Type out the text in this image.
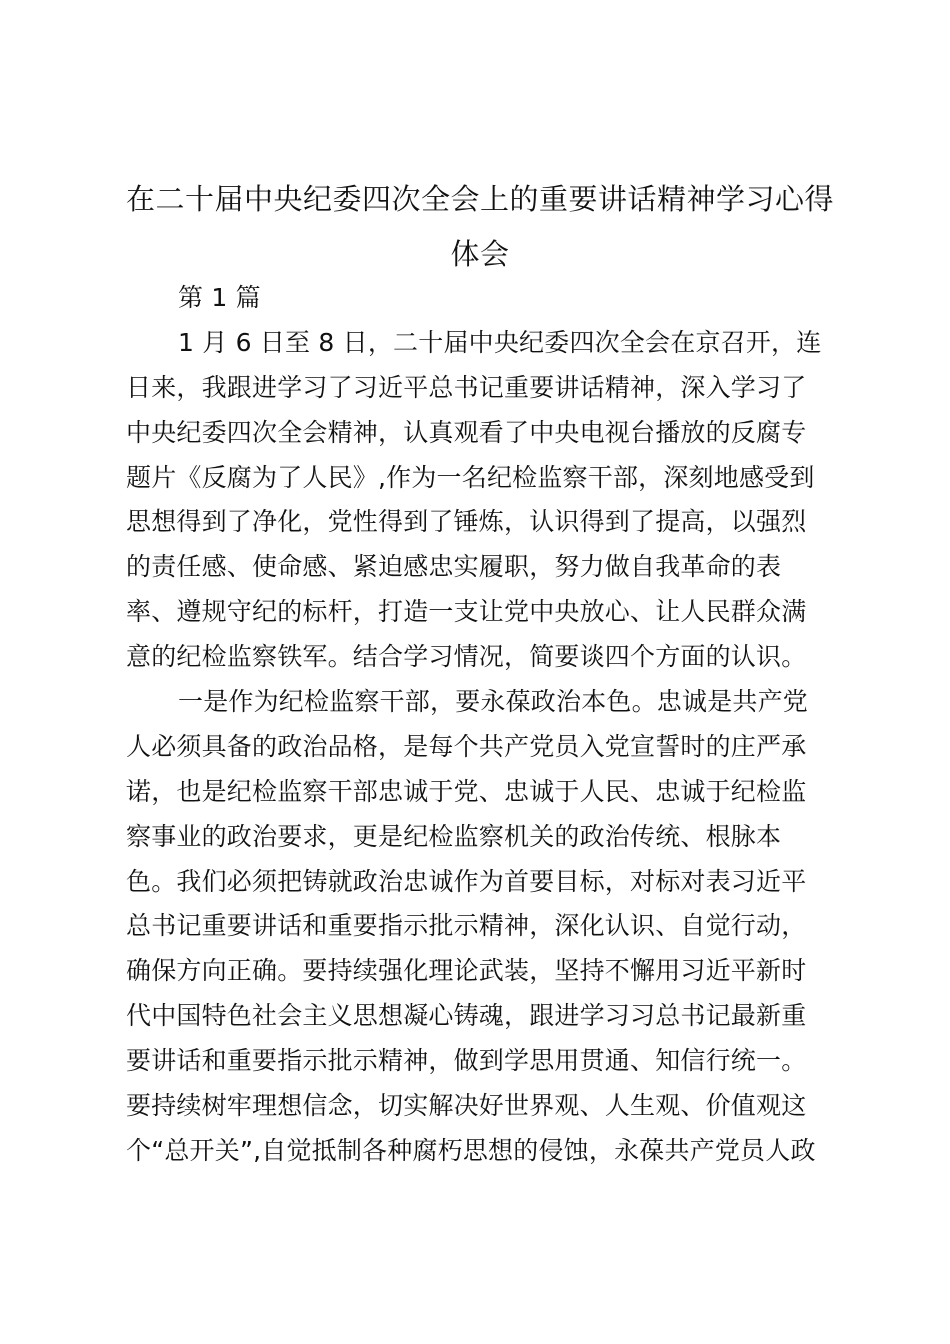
在二十届中央纪委四次全会上的重要讲话精神学习心得
体会
第 1 篇
1 月 6 日至 8 日，二十届中央纪委四次全会在京召开，连
日来，我跟进学习了习近平总书记重要讲话精神，深入学习了
中央纪委四次全会精神，认真观看了中央电视台播放的反腐专
题片《反腐为了人民》,作为一名纪检监察干部，深刻地感受到
思想得到了净化，党性得到了锤炼，认识得到了提高，以强烈
的责任感、使命感、紧迫感忠实履职，努力做自我革命的表
率、遵规守纪的标杆，打造一支让党中央放心、让人民群众满
意的纪检监察铁军。结合学习情况，简要谈四个方面的认识。
一是作为纪检监察干部，要永葆政治本色。忠诚是共产党
人必须具备的政治品格，是每个共产党员入党宣誓时的庄严承
诺，也是纪检监察干部忠诚于党、忠诚于人民、忠诚于纪检监
察事业的政治要求，更是纪检监察机关的政治传统、根脉本
色。我们必须把铸就政治忠诚作为首要目标，对标对表习近平
总书记重要讲话和重要指示批示精神，深化认识、自觉行动，
确保方向正确。要持续强化理论武装，坚持不懈用习近平新时
代中国特色社会主义思想凝心铸魂，跟进学习习总书记最新重
要讲话和重要指示批示精神，做到学思用贯通、知信行统一。
要持续树牢理想信念，切实解决好世界观、人生观、价值观这
个“总开关”,自觉抵制各种腐朽思想的侵蚀，永葆共产党员人政
